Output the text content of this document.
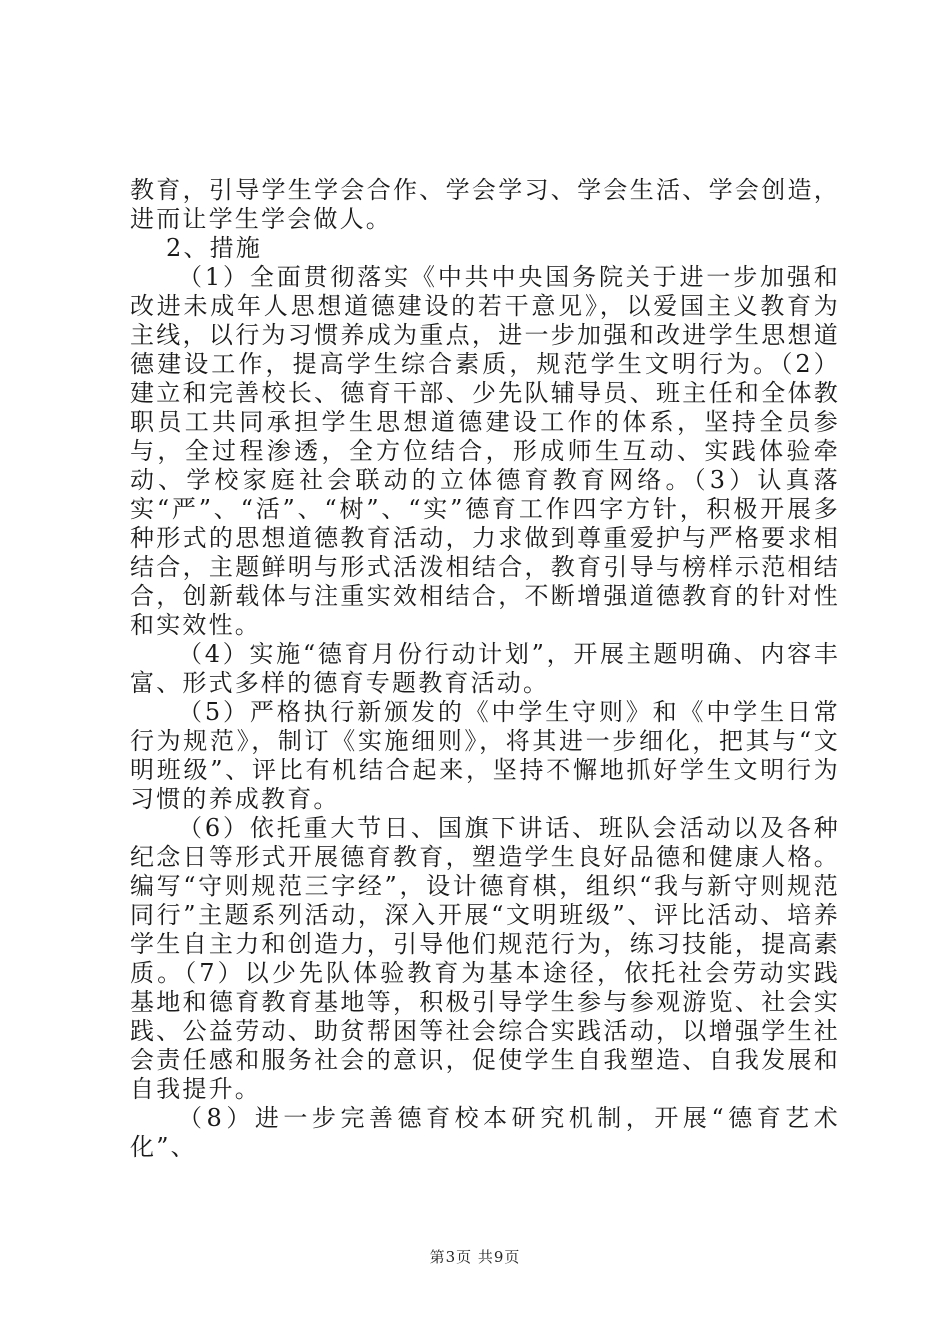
教育，引导学生学会合作、学会学习、学会生活、学会创造，进而让学生学会做人。

2、措施

（1）全面贯彻落实《中共中央国务院关于进一步加强和改进未成年人思想道德建设的若干意见》，以爱国主义教育为主线，以行为习惯养成为重点，进一步加强和改进学生思想道德建设工作，提高学生综合素质，规范学生文明行为。（2）建立和完善校长、德育干部、少先队辅导员、班主任和全体教职员工共同承担学生思想道德建设工作的体系，坚持全员参与，全过程渗透，全方位结合，形成师生互动、实践体验牵动、学校家庭社会联动的立体德育教育网络。（3）认真落实“严”、“活”、“树”、“实”德育工作四字方针，积极开展多种形式的思想道德教育活动，力求做到尊重爱护与严格要求相结合，主题鲜明与形式活泼相结合，教育引导与榜样示范相结合，创新载体与注重实效相结合，不断增强道德教育的针对性和实效性。

（4）实施“德育月份行动计划”，开展主题明确、内容丰富、形式多样的德育专题教育活动。

（5）严格执行新颁发的《中学生守则》和《中学生日常行为规范》，制订《实施细则》，将其进一步细化，把其与“文明班级”、评比有机结合起来，坚持不懈地抓好学生文明行为习惯的养成教育。

（6）依托重大节日、国旗下讲话、班队会活动以及各种纪念日等形式开展德育教育，塑造学生良好品德和健康人格。编写“守则规范三字经”，设计德育棋，组织“我与新守则规范同行”主题系列活动，深入开展“文明班级”、评比活动、培养学生自主力和创造力，引导他们规范行为，练习技能，提高素质。（7）以少先队体验教育为基本途径，依托社会劳动实践基地和德育教育基地等，积极引导学生参与参观游览、社会实践、公益劳动、助贫帮困等社会综合实践活动，以增强学生社会责任感和服务社会的意识，促使学生自我塑造、自我发展和自我提升。

（8）进一步完善德育校本研究机制，开展“德育艺术化”、

第3页 共9页
